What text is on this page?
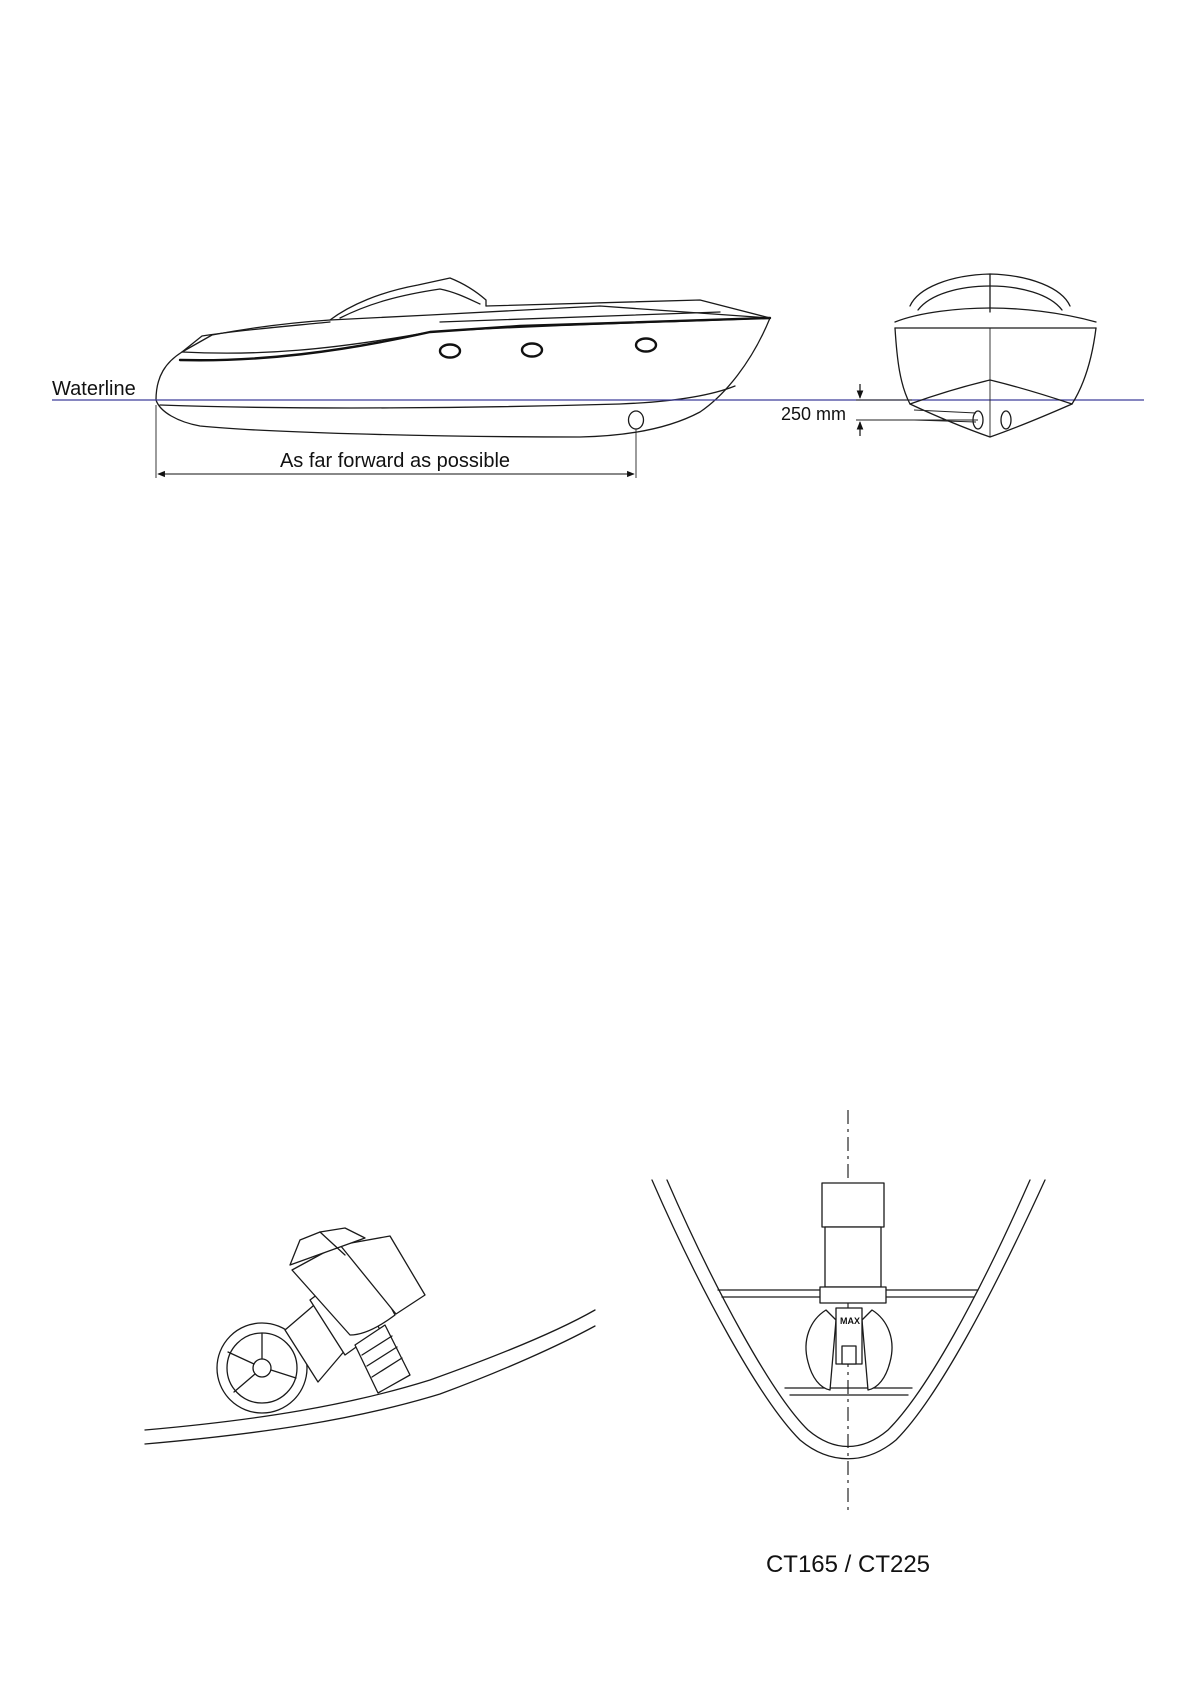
Waterline
As far forward as possible
250 mm
MAX
CT165 / CT225
